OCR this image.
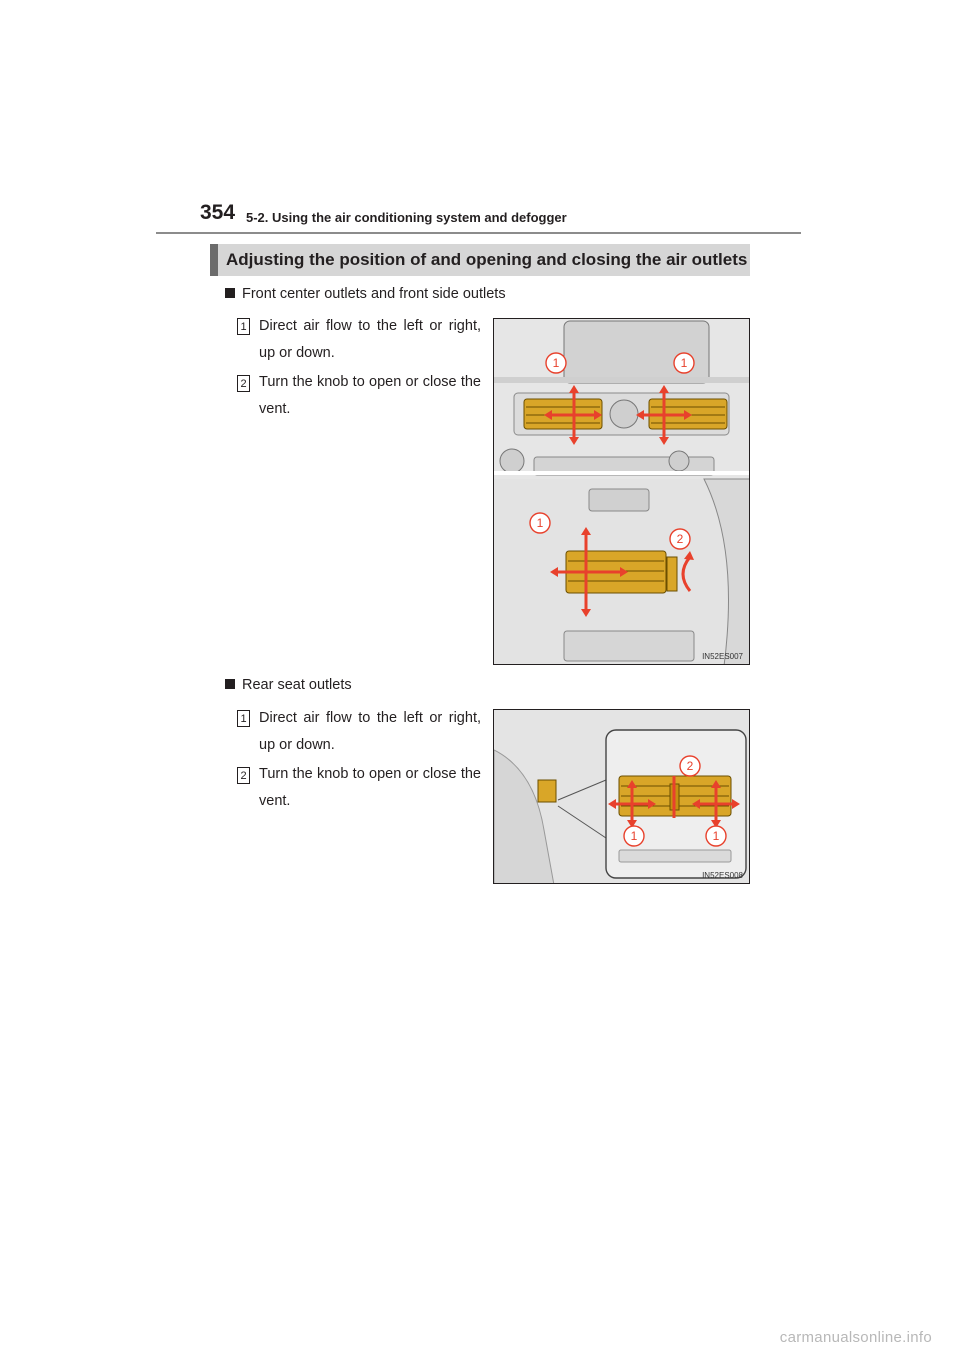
354 5-2. Using the air conditioning system and defogger
Adjusting the position of and opening and closing the air outlets
Front center outlets and front side outlets
1 Direct air flow to the left or right, up or down.
2 Turn the knob to open or close the vent.
1	1
1
2
IN52ES007
Rear seat outlets
1 Direct air flow to the left or right, up or down.
2 Turn the knob to open or close the vent.
2
1	1
IN52ES008
carmanualsonline.info
